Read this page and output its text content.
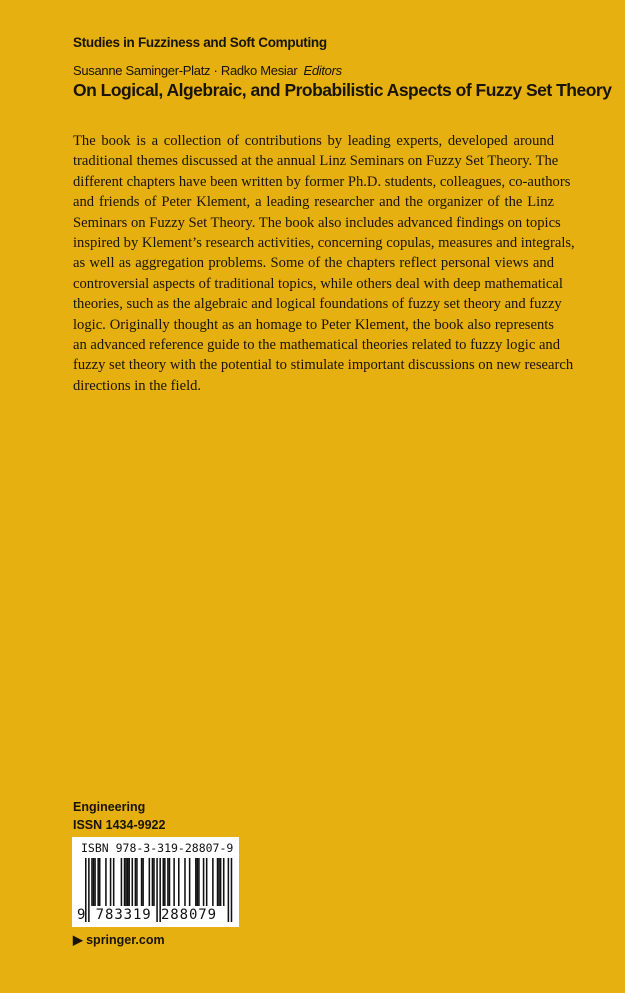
Studies in Fuzziness and Soft Computing
Susanne Saminger-Platz · Radko Mesiar Editors
On Logical, Algebraic, and Probabilistic Aspects of Fuzzy Set Theory
The book is a collection of contributions by leading experts, developed around
traditional themes discussed at the annual Linz Seminars on Fuzzy Set Theory. The
different chapters have been written by former Ph.D. students, colleagues, co-authors
and friends of Peter Klement, a leading researcher and the organizer of the Linz
Seminars on Fuzzy Set Theory. The book also includes advanced findings on topics
inspired by Klement’s research activities, concerning copulas, measures and integrals,
as well as aggregation problems. Some of the chapters reflect personal views and
controversial aspects of traditional topics, while others deal with deep mathematical
theories, such as the algebraic and logical foundations of fuzzy set theory and fuzzy
logic. Originally thought as an homage to Peter Klement, the book also represents
an advanced reference guide to the mathematical theories related to fuzzy logic and
fuzzy set theory with the potential to stimulate important discussions on new research
directions in the field.
Engineering
ISSN 1434-9922
ISBN 978-3-319-28807-9
9 783319 288079
▶ springer.com
